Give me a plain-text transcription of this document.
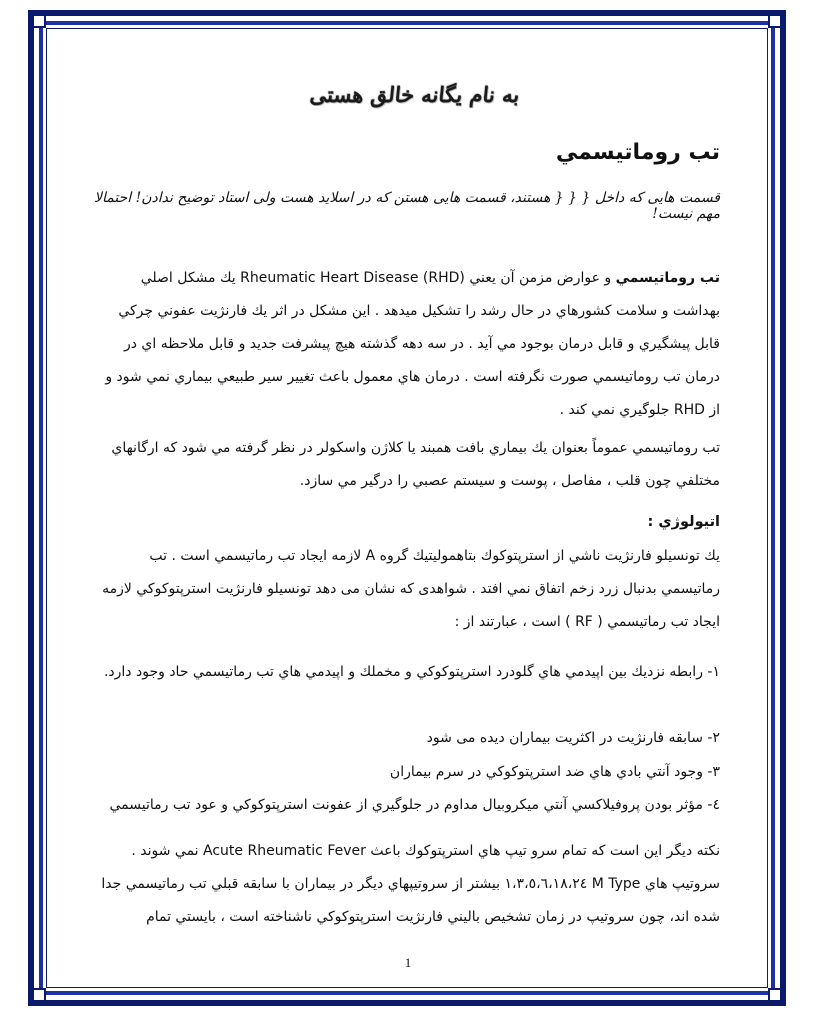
به نام یگانه خالق هستی
تب روماتيسمي
قسمت هایی که داخل { { { هستند، قسمت هایی هستن که در اسلاید هست ولی استاد توضیح ندادن! احتمالا مهم نیست!

تب روماتيسمي و عوارض مزمن آن يعني Rheumatic Heart Disease (RHD) يك مشكل اصلي بهداشت و سلامت كشورهاي در حال رشد را تشكيل ميدهد . اين مشكل در اثر يك فارنژيت عفوني چركي قابل پيشگيري و قابل درمان بوجود مي آيد . در سه دهه گذشته هيچ پيشرفت جديد و قابل ملاحظه اي در درمان تب روماتيسمي صورت نگرفته است . درمان هاي معمول باعث تغيير سير طبيعي بيماري نمي شود و از RHD جلوگيري نمي كند .

تب روماتيسمي عموماً بعنوان يك بيماري بافت همبند يا كلاژن واسكولر در نظر گرفته مي شود كه ارگانهاي مختلفي چون قلب ، مفاصل ، پوست و سيستم عصبي را درگير مي سازد.

اتيولوژي :

يك تونسيلو فارنژيت ناشي از استرپتوكوك بتاهموليتيك گروه A لازمه ايجاد تب رماتيسمي است . تب رماتيسمي بدنبال زرد زخم اتفاق نمي افتد . شواهدی كه نشان می دهد تونسيلو فارنژيت استرپتوكوكي لازمه ايجاد تب رماتيسمي ( RF ) است ، عبارتند از :

١- رابطه نزديك بين اپيدمي هاي گلودرد استرپتوكوكي و مخملك و اپيدمي هاي تب رماتيسمي حاد وجود دارد.

٢- سابقه فارنژيت در اكثريت بيماران ديده می شود

٣- وجود آنتي بادي هاي ضد استرپتوكوكي در سرم بيماران

٤- مؤثر بودن پروفيلاكسي آنتي ميكروبيال مداوم در جلوگيري از عفونت استرپتوكوكي و عود تب رماتيسمي

نكته ديگر اين است كه تمام سرو تيپ هاي استرپتوكوك باعث Acute Rheumatic Fever نمي شوند . سروتيپ هاي M Type ١،٣،٥،٦،١٨،٢٤ بيشتر از سروتيپهاي ديگر در بيماران با سابقه قبلي تب رماتيسمي جدا شده اند، چون سروتيپ در زمان تشخيص باليني فارنژيت استرپتوكوكي ناشناخته است ، بايستي تمام

1
